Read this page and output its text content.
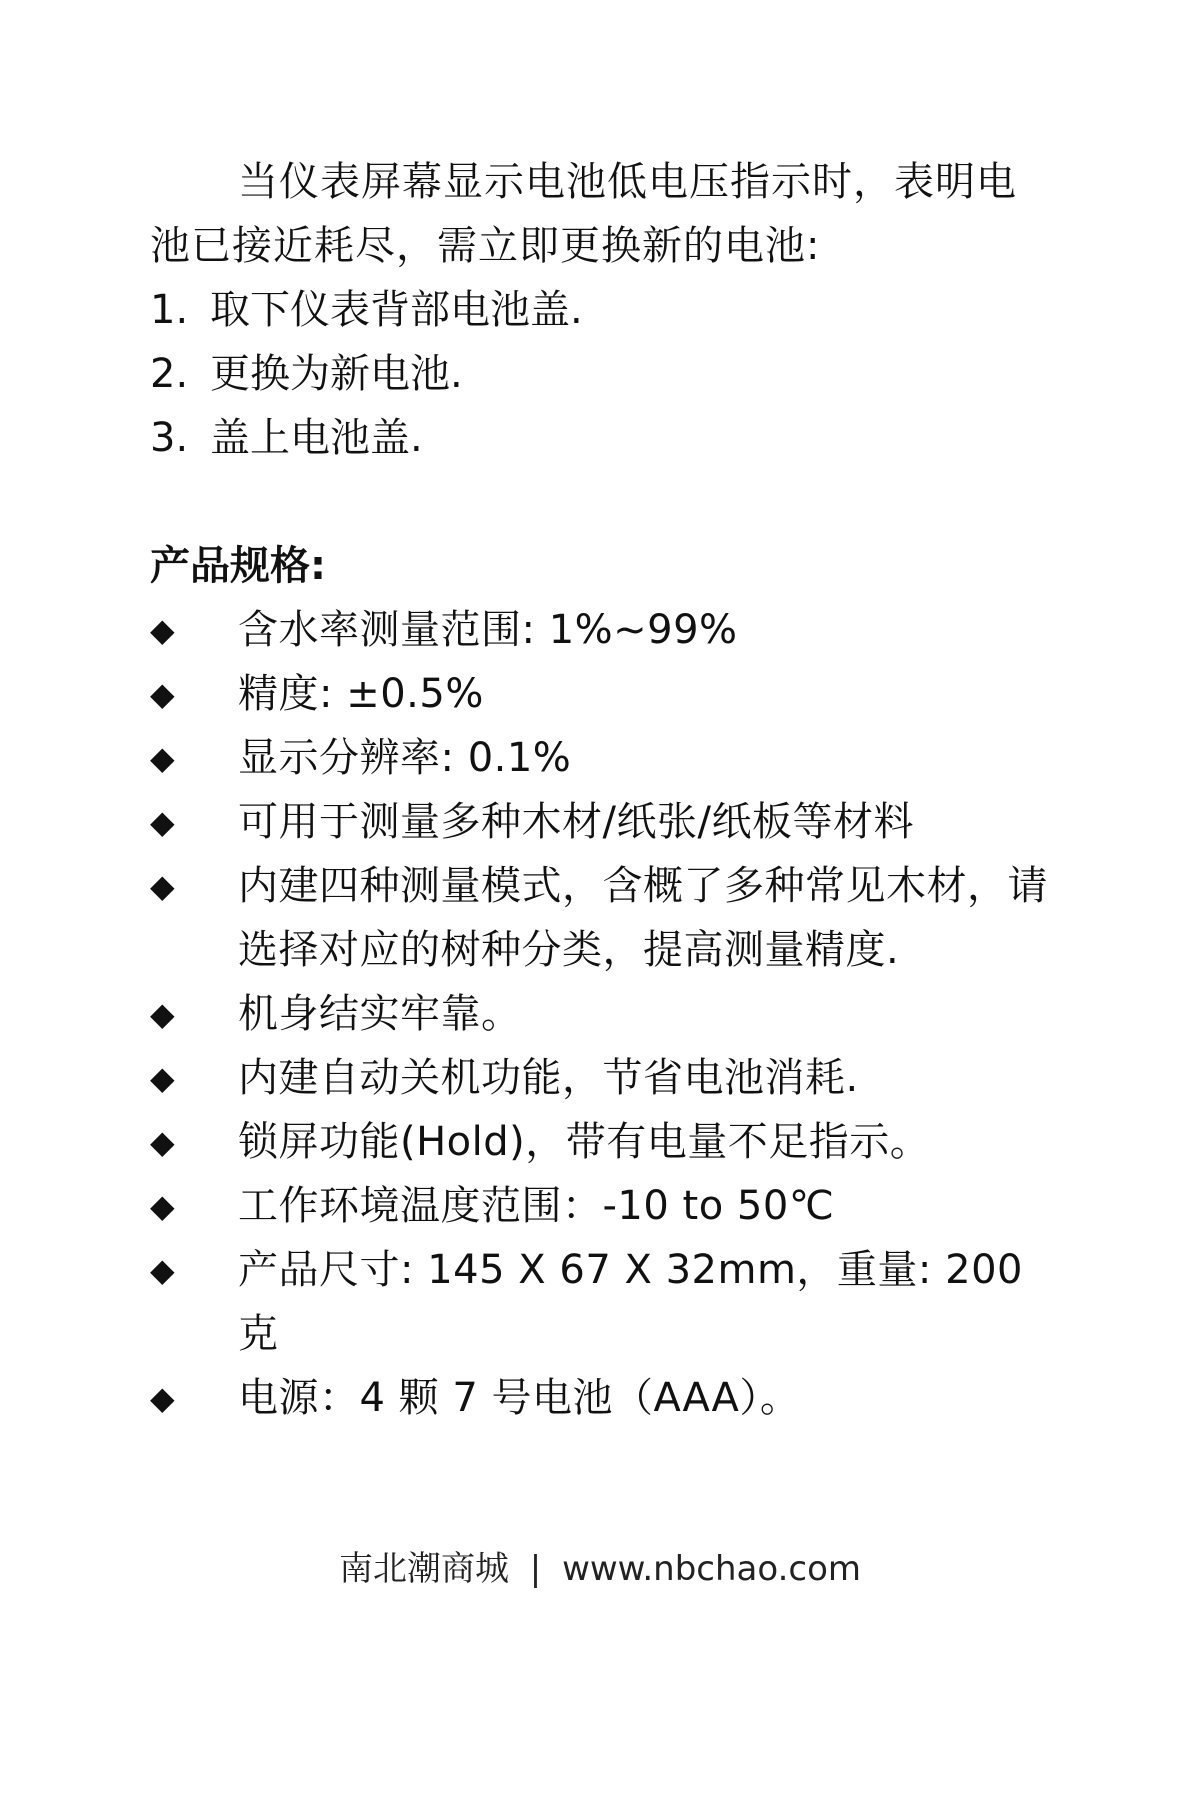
当仪表屏幕显示电池低电压指示时，表明电池已接近耗尽，需立即更换新的电池:

1. 取下仪表背部电池盖.
2. 更换为新电池.
3. 盖上电池盖.
产品规格:
◆	含水率测量范围: 1%~99%
◆	精度: ±0.5%
◆	显示分辨率: 0.1%
◆	可用于测量多种木材/纸张/纸板等材料
◆	内建四种测量模式，含概了多种常见木材，请选择对应的树种分类，提高测量精度.
◆	机身结实牢靠。
◆	内建自动关机功能，节省电池消耗.
◆	锁屏功能(Hold)，带有电量不足指示。
◆	工作环境温度范围：-10 to 50℃
◆	产品尺寸: 145 X 67 X 32mm，重量: 200 克
◆	电源：4 颗 7 号电池（AAA）。
南北潮商城 | www.nbchao.com
